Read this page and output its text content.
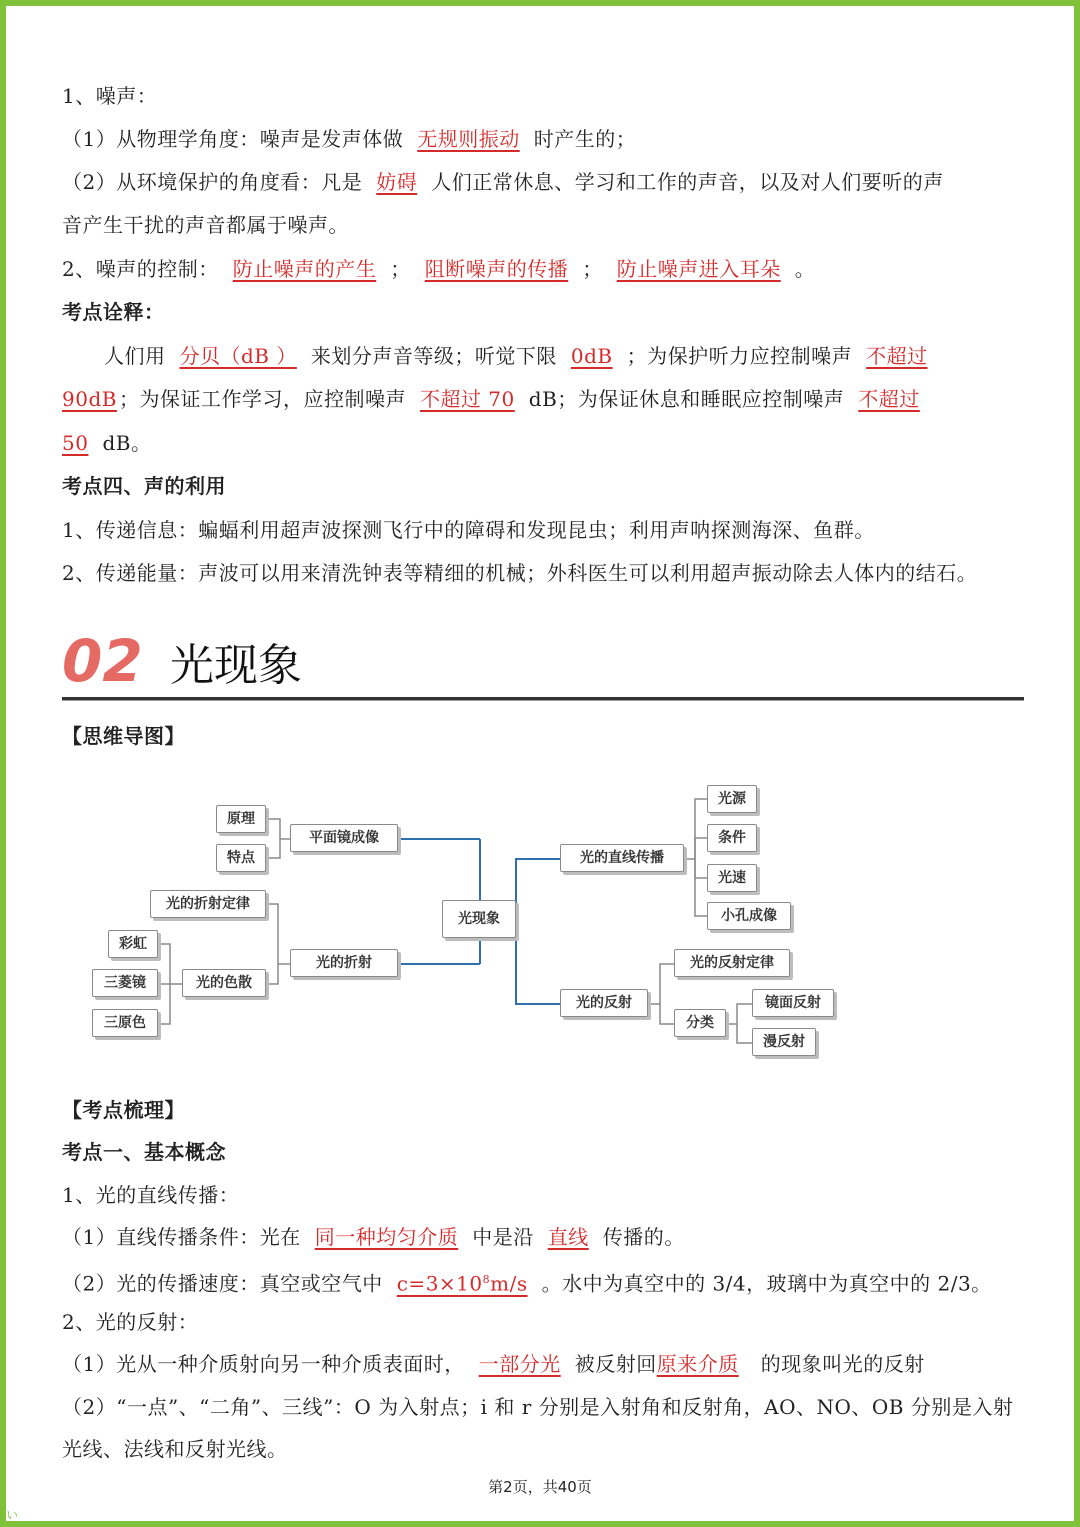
1、噪声：
（1）从物理学角度：噪声是发声体做 无规则振动 时产生的；
（2）从环境保护的角度看：凡是 妨碍 人们正常休息、学习和工作的声音，以及对人们要听的声
音产生干扰的声音都属于噪声。
2、噪声的控制： 防止噪声的产生 ； 阻断噪声的传播 ； 防止噪声进入耳朵 。
考点诠释：
人们用 分贝（dB ） 来划分声音等级；听觉下限 0dB ；为保护听力应控制噪声 不超过
90dB ；为保证工作学习，应控制噪声 不超过 70 dB；为保证休息和睡眠应控制噪声 不超过
50 dB。
考点四、声的利用
1、传递信息：蝙蝠利用超声波探测飞行中的障碍和发现昆虫；利用声呐探测海深、鱼群。
2、传递能量：声波可以用来清洗钟表等精细的机械；外科医生可以利用超声振动除去人体内的结石。
02 光现象
【思维导图】
光现象
平面镜成像
原理
特点
光的折射
光的折射定律
光的色散
彩虹
三菱镜
三原色
光的直线传播
光源
条件
光速
小孔成像
光的反射
光的反射定律
分类
镜面反射
漫反射
【考点梳理】
考点一、基本概念
1、光的直线传播：
（1）直线传播条件：光在 同一种均匀介质 中是沿 直线 传播的。
（2）光的传播速度：真空或空气中 $c=3\times 10^8m/s$ 。水中为真空中的 3/4，玻璃中为真空中的 2/3。
2、光的反射：
（1）光从一种介质射向另一种介质表面时， 一部分光 被反射回原来介质 的现象叫光的反射
（2）“一点”、“二角”、三线”：O 为入射点；i 和 r 分别是入射角和反射角，AO、NO、OB 分别是入射
光线、法线和反射光线。
第2页，共40页
い
